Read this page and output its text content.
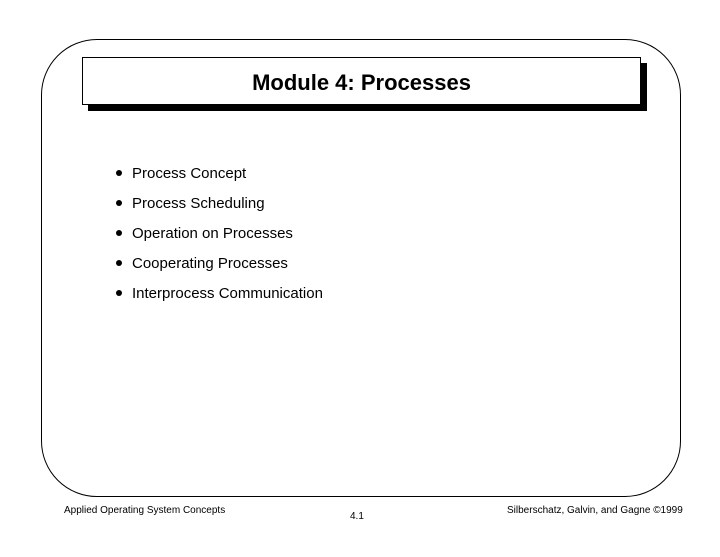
Module 4: Processes
Process Concept
Process Scheduling
Operation on Processes
Cooperating Processes
Interprocess Communication
Applied Operating System Concepts
4.1
Silberschatz, Galvin, and Gagne ©1999
